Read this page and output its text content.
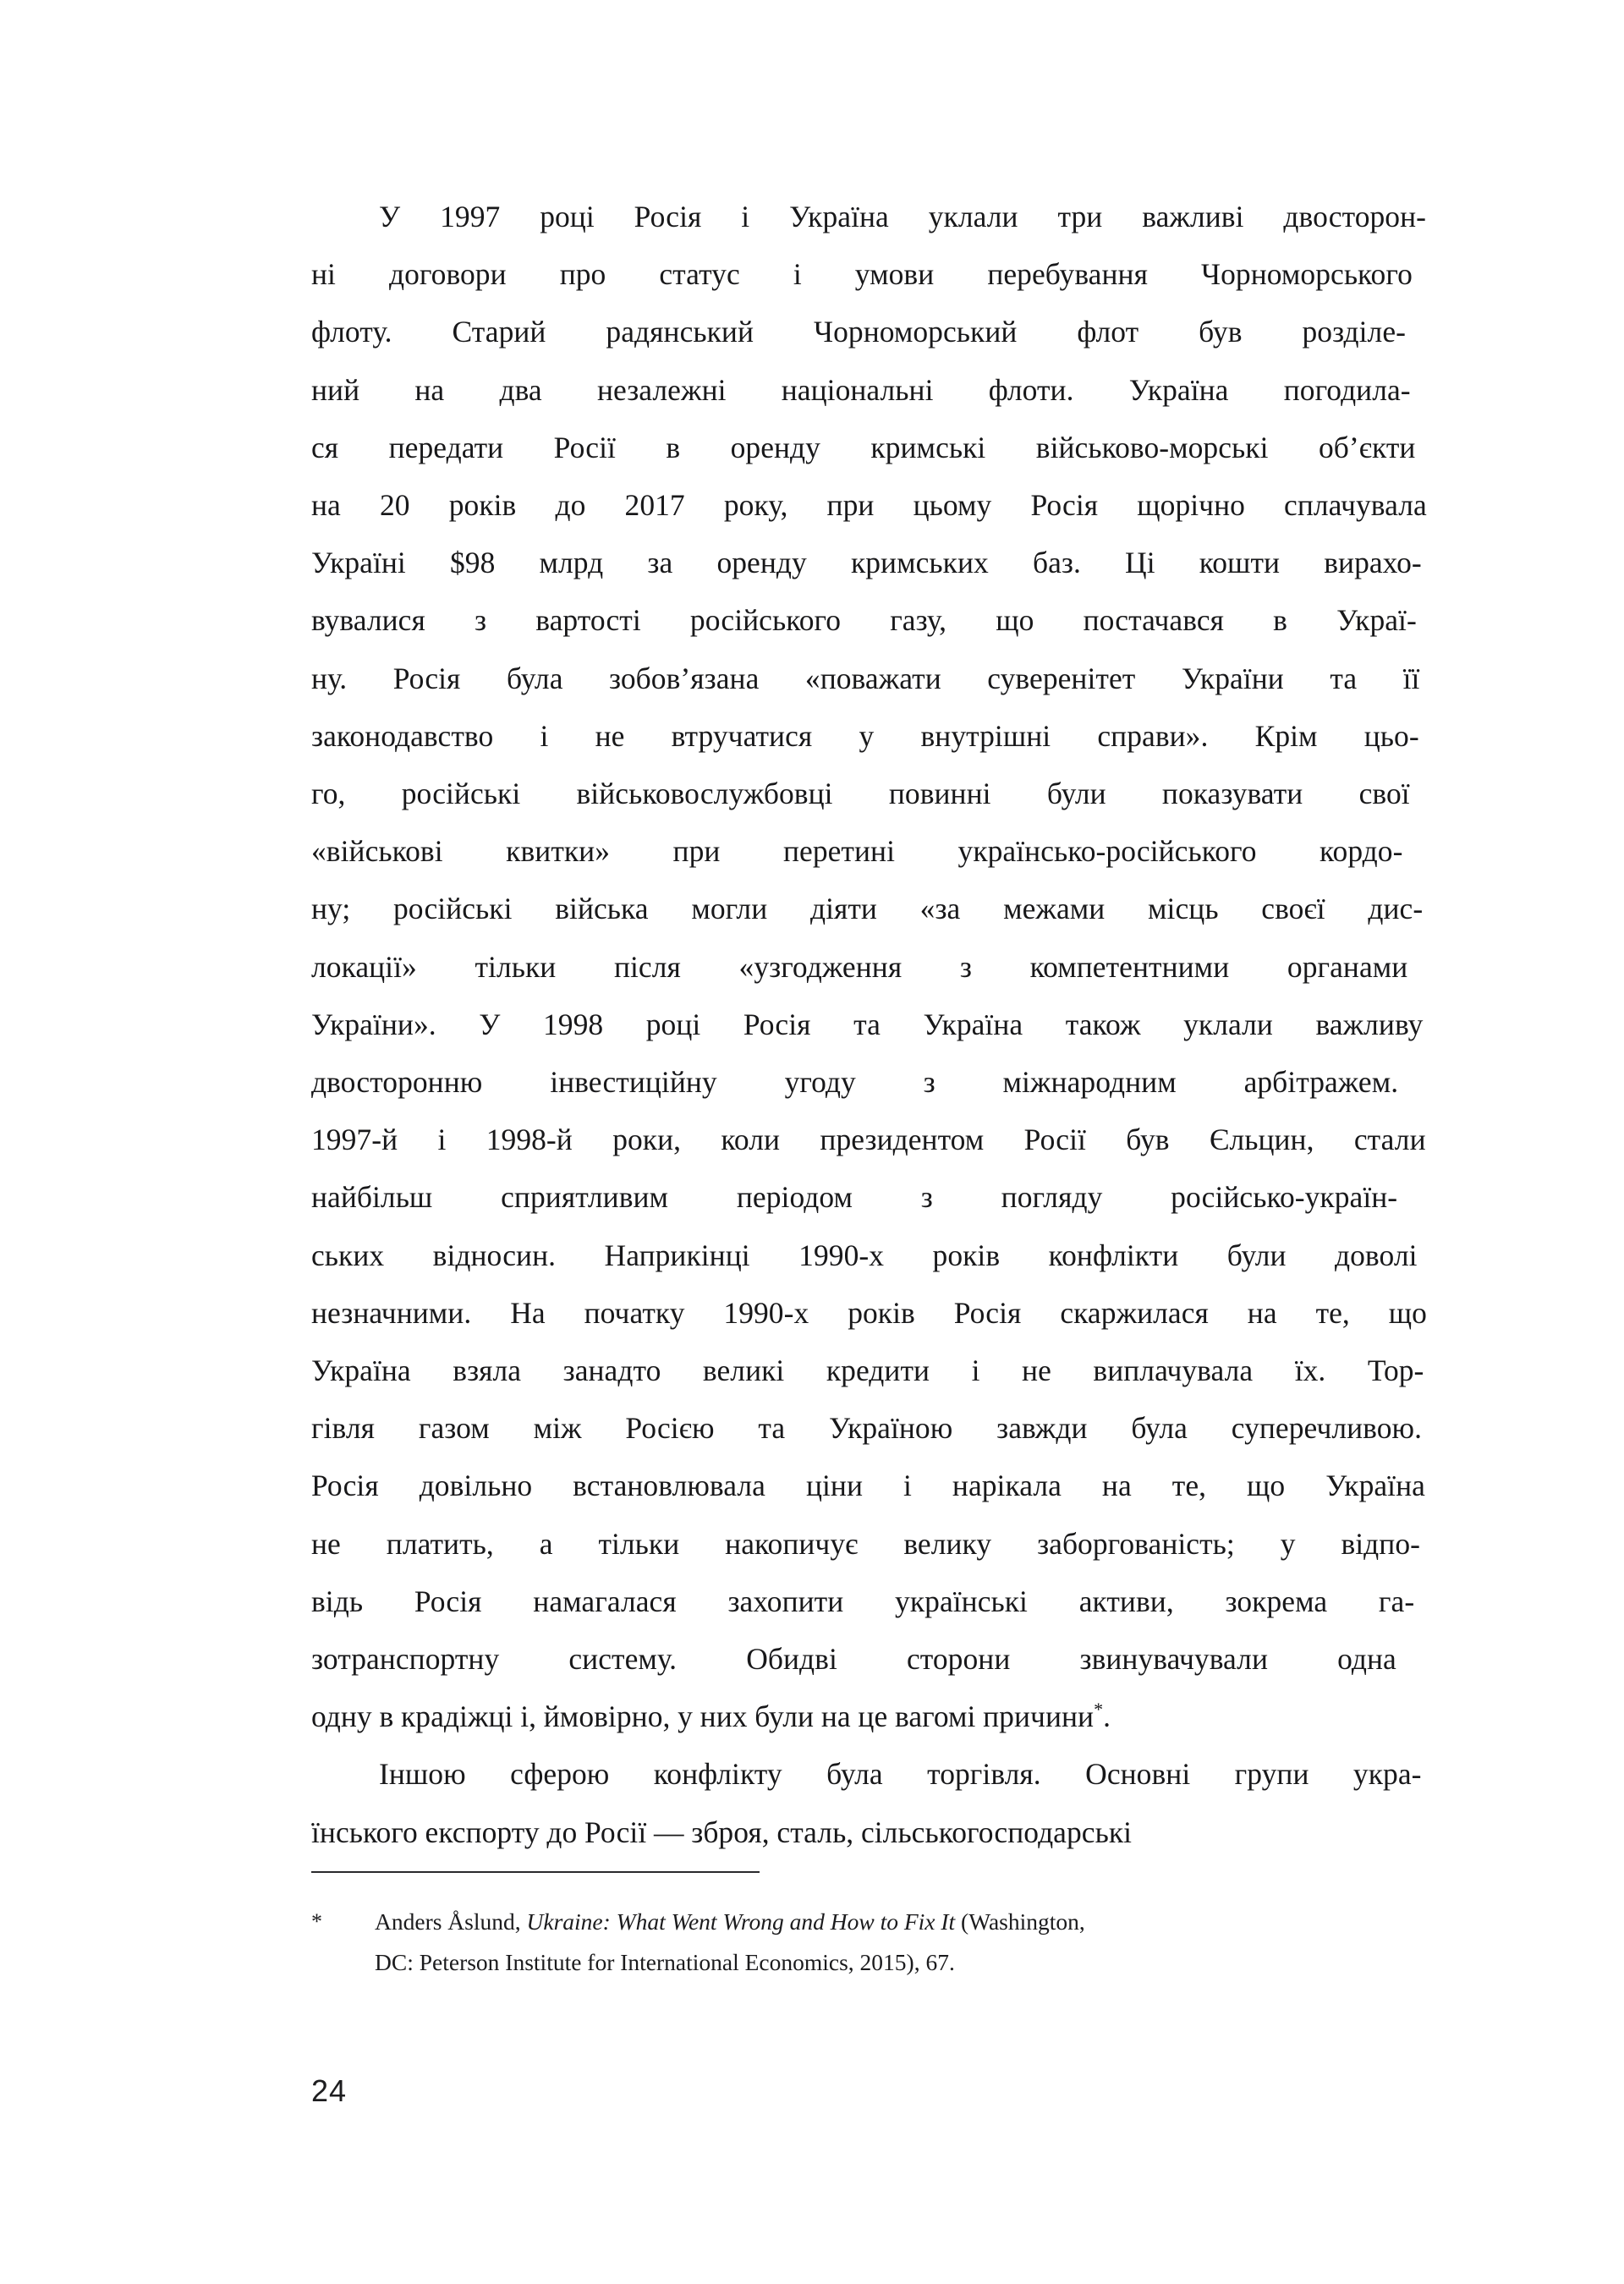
У 1997 році Росія і Україна уклали три важливі двосторон-
ні договори про статус і умови перебування Чорноморського
флоту. Старий радянський Чорноморський флот був розділе-
ний на два незалежні національні флоти. Україна погодила-
ся передати Росії в оренду кримські військово-морські об’єкти
на 20 років до 2017 року, при цьому Росія щорічно сплачувала
Україні $98 млрд за оренду кримських баз. Ці кошти вирахо-
вувалися з вартості російського газу, що постачався в Украї-
ну. Росія була зобов’язана «поважати суверенітет України та її
законодавство і не втручатися у внутрішні справи». Крім цьо-
го, російські військовослужбовці повинні були показувати свої
«військові квитки» при перетині українсько-російського кордо-
ну; російські війська могли діяти «за межами місць своєї дис-
локації» тільки після «узгодження з компетентними органами
України». У 1998 році Росія та Україна також уклали важливу
двосторонню інвестиційну угоду з міжнародним арбітражем.
1997-й і 1998-й роки, коли президентом Росії був Єльцин, стали
найбільш сприятливим періодом з погляду російсько-україн-
ських відносин. Наприкінці 1990-х років конфлікти були доволі
незначними. На початку 1990-х років Росія скаржилася на те, що
Україна взяла занадто великі кредити і не виплачувала їх. Тор-
гівля газом між Росією та Україною завжди була суперечливою.
Росія довільно встановлювала ціни і нарікала на те, що Україна
не платить, а тільки накопичує велику заборгованість; у відпо-
відь Росія намагалася захопити українські активи, зокрема га-
зотранспортну систему. Обидві сторони звинувачували одна
одну в крадіжці і, ймовірно, у них були на це вагомі причини*.

Іншою сферою конфлікту була торгівля. Основні групи укра-
їнського експорту до Росії — зброя, сталь, сільськогосподарські

*	Anders Åslund, Ukraine: What Went Wrong and How to Fix It (Washington,
DC: Peterson Institute for International Economics, 2015), 67.
24
